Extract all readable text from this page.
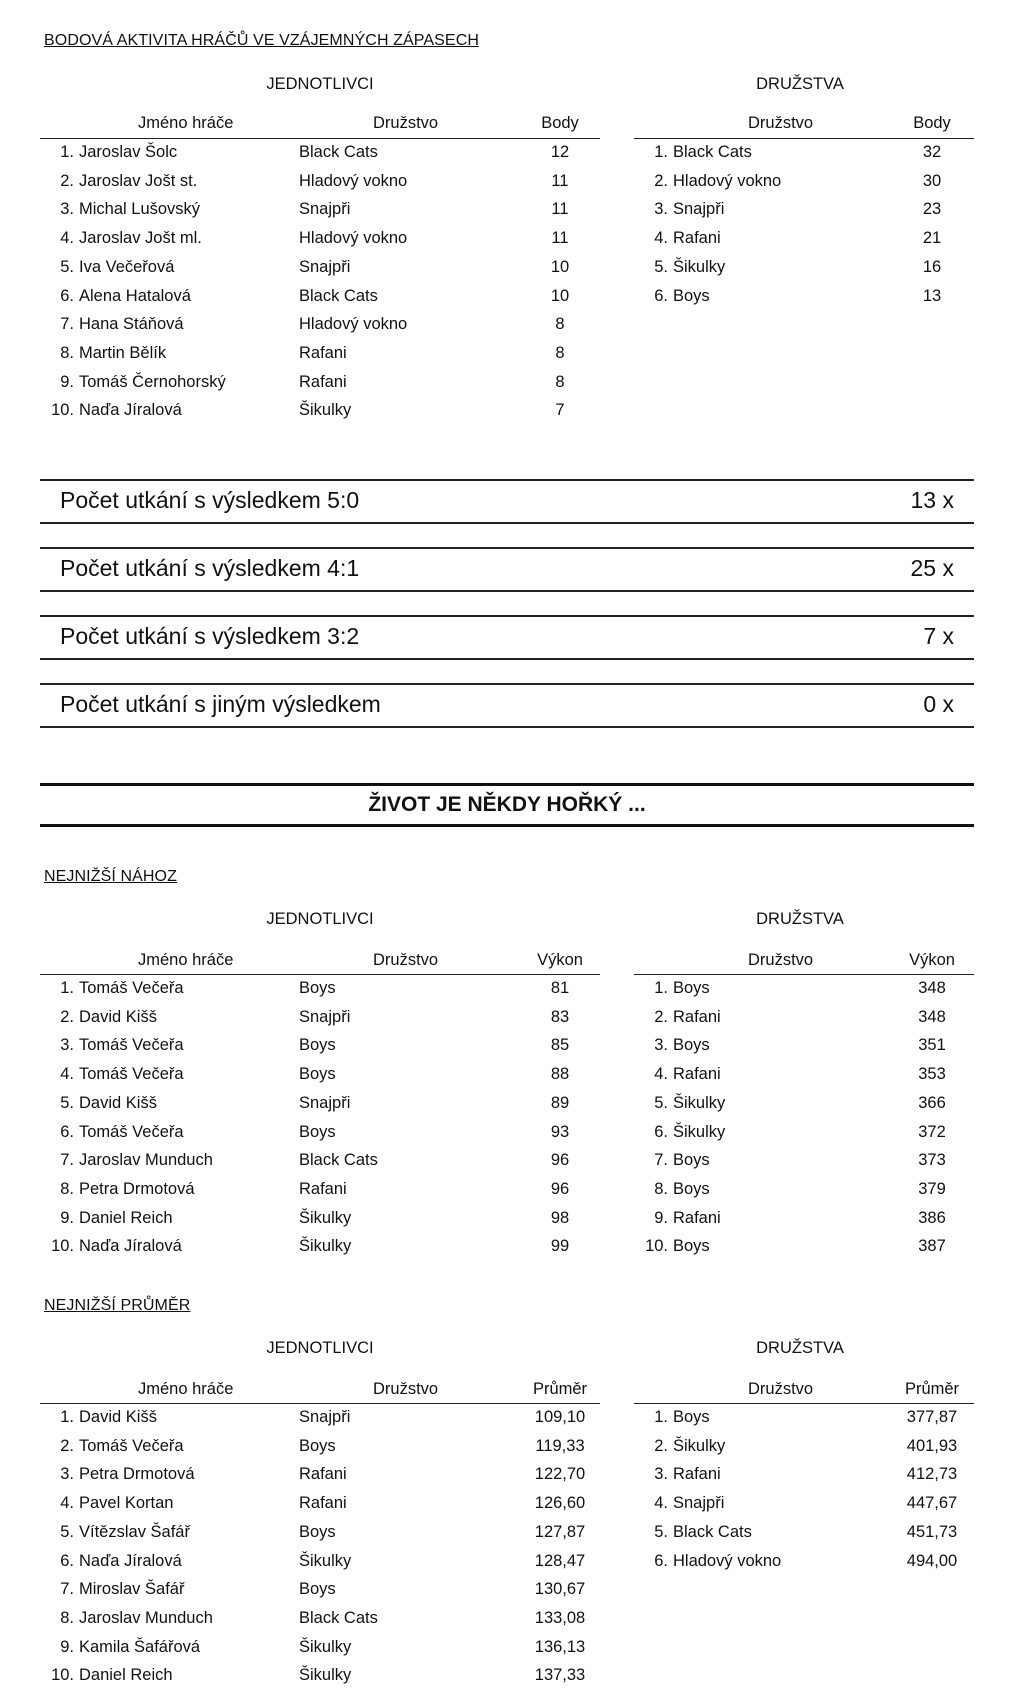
BODOVÁ AKTIVITA HRÁČŮ VE VZÁJEMNÝCH ZÁPASECH
JEDNOTLIVCI	DRUŽSTVA
Jméno hráče	Družstvo	Body	Družstvo	Body
1. Jaroslav Šolc	Black Cats	12
2. Jaroslav Jošt st.	Hladový vokno	11
3. Michal Lušovský	Snajpři	11
4. Jaroslav Jošt ml.	Hladový vokno	11
5. Iva Večeřová	Snajpři	10
6. Alena Hatalová	Black Cats	10
7. Hana Stáňová	Hladový vokno	8
8. Martin Bělík	Rafani	8
9. Tomáš Černohorský	Rafani	8
10. Naďa Jíralová	Šikulky	7
1. Black Cats	32
2. Hladový vokno	30
3. Snajpři	23
4. Rafani	21
5. Šikulky	16
6. Boys	13
Počet utkání s výsledkem 5:0	13 x
Počet utkání s výsledkem 4:1	25 x
Počet utkání s výsledkem 3:2	7 x
Počet utkání s jiným výsledkem	0 x
ŽIVOT JE NĚKDY HOŘKÝ ...
NEJNIŽŠÍ NÁHOZ
JEDNOTLIVCI	DRUŽSTVA
Jméno hráče	Družstvo	Výkon	Družstvo	Výkon
1. Tomáš Večeřa	Boys	81
2. David Kišš	Snajpři	83
3. Tomáš Večeřa	Boys	85
4. Tomáš Večeřa	Boys	88
5. David Kišš	Snajpři	89
6. Tomáš Večeřa	Boys	93
7. Jaroslav Munduch	Black Cats	96
8. Petra Drmotová	Rafani	96
9. Daniel Reich	Šikulky	98
10. Naďa Jíralová	Šikulky	99
1. Boys	348
2. Rafani	348
3. Boys	351
4. Rafani	353
5. Šikulky	366
6. Šikulky	372
7. Boys	373
8. Boys	379
9. Rafani	386
10. Boys	387
NEJNIŽŠÍ PRŮMĚR
JEDNOTLIVCI	DRUŽSTVA
Jméno hráče	Družstvo	Průměr	Družstvo	Průměr
1. David Kišš	Snajpři	109,10
2. Tomáš Večeřa	Boys	119,33
3. Petra Drmotová	Rafani	122,70
4. Pavel Kortan	Rafani	126,60
5. Vítězslav Šafář	Boys	127,87
6. Naďa Jíralová	Šikulky	128,47
7. Miroslav Šafář	Boys	130,67
8. Jaroslav Munduch	Black Cats	133,08
9. Kamila Šafářová	Šikulky	136,13
10. Daniel Reich	Šikulky	137,33
1. Boys	377,87
2. Šikulky	401,93
3. Rafani	412,73
4. Snajpři	447,67
5. Black Cats	451,73
6. Hladový vokno	494,00
